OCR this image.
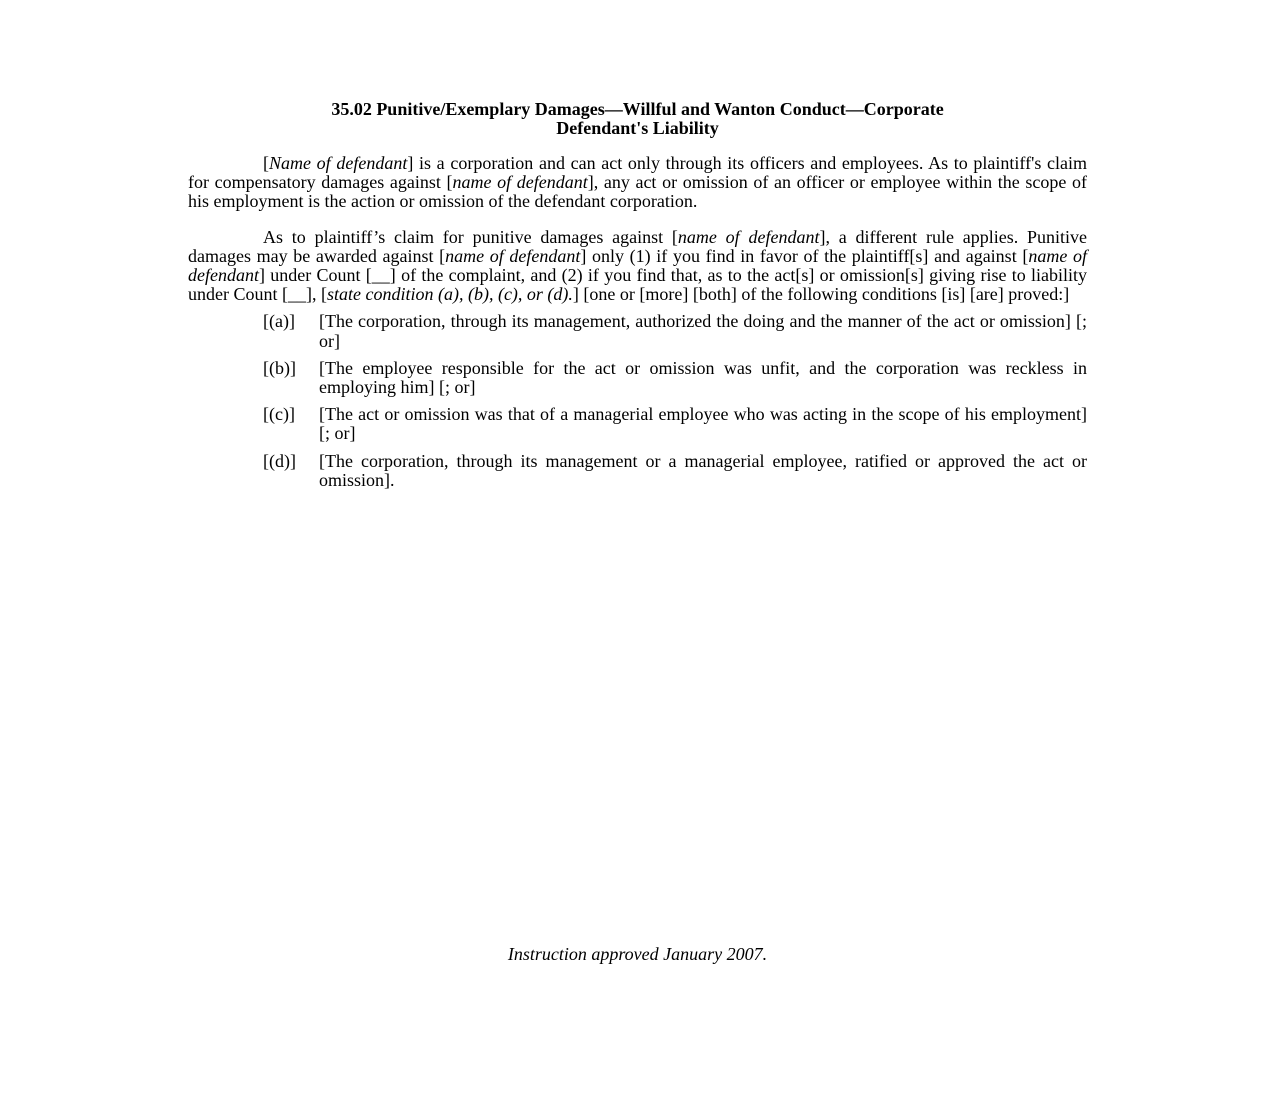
35.02 Punitive/Exemplary Damages—Willful and Wanton Conduct—Corporate
Defendant's Liability

[Name of defendant] is a corporation and can act only through its officers and employees. As to plaintiff's claim for compensatory damages against [name of defendant], any act or omission of an officer or employee within the scope of his employment is the action or omission of the defendant corporation.

As to plaintiff’s claim for punitive damages against [name of defendant], a different rule applies. Punitive damages may be awarded against [name of defendant] only (1) if you find in favor of the plaintiff[s] and against [name of defendant] under Count [__] of the complaint, and (2) if you find that, as to the act[s] or omission[s] giving rise to liability under Count [__], [state condition (a), (b), (c), or (d).] [one or [more] [both] of the following conditions [is] [are] proved:]

[(a)]	[The corporation, through its management, authorized the doing and the manner of the act or omission] [; or]
[(b)]	[The employee responsible for the act or omission was unfit, and the corporation was reckless in employing him] [; or]
[(c)]	[The act or omission was that of a managerial employee who was acting in the scope of his employment] [; or]
[(d)]	[The corporation, through its management or a managerial employee, ratified or approved the act or omission].
Instruction approved January 2007.
